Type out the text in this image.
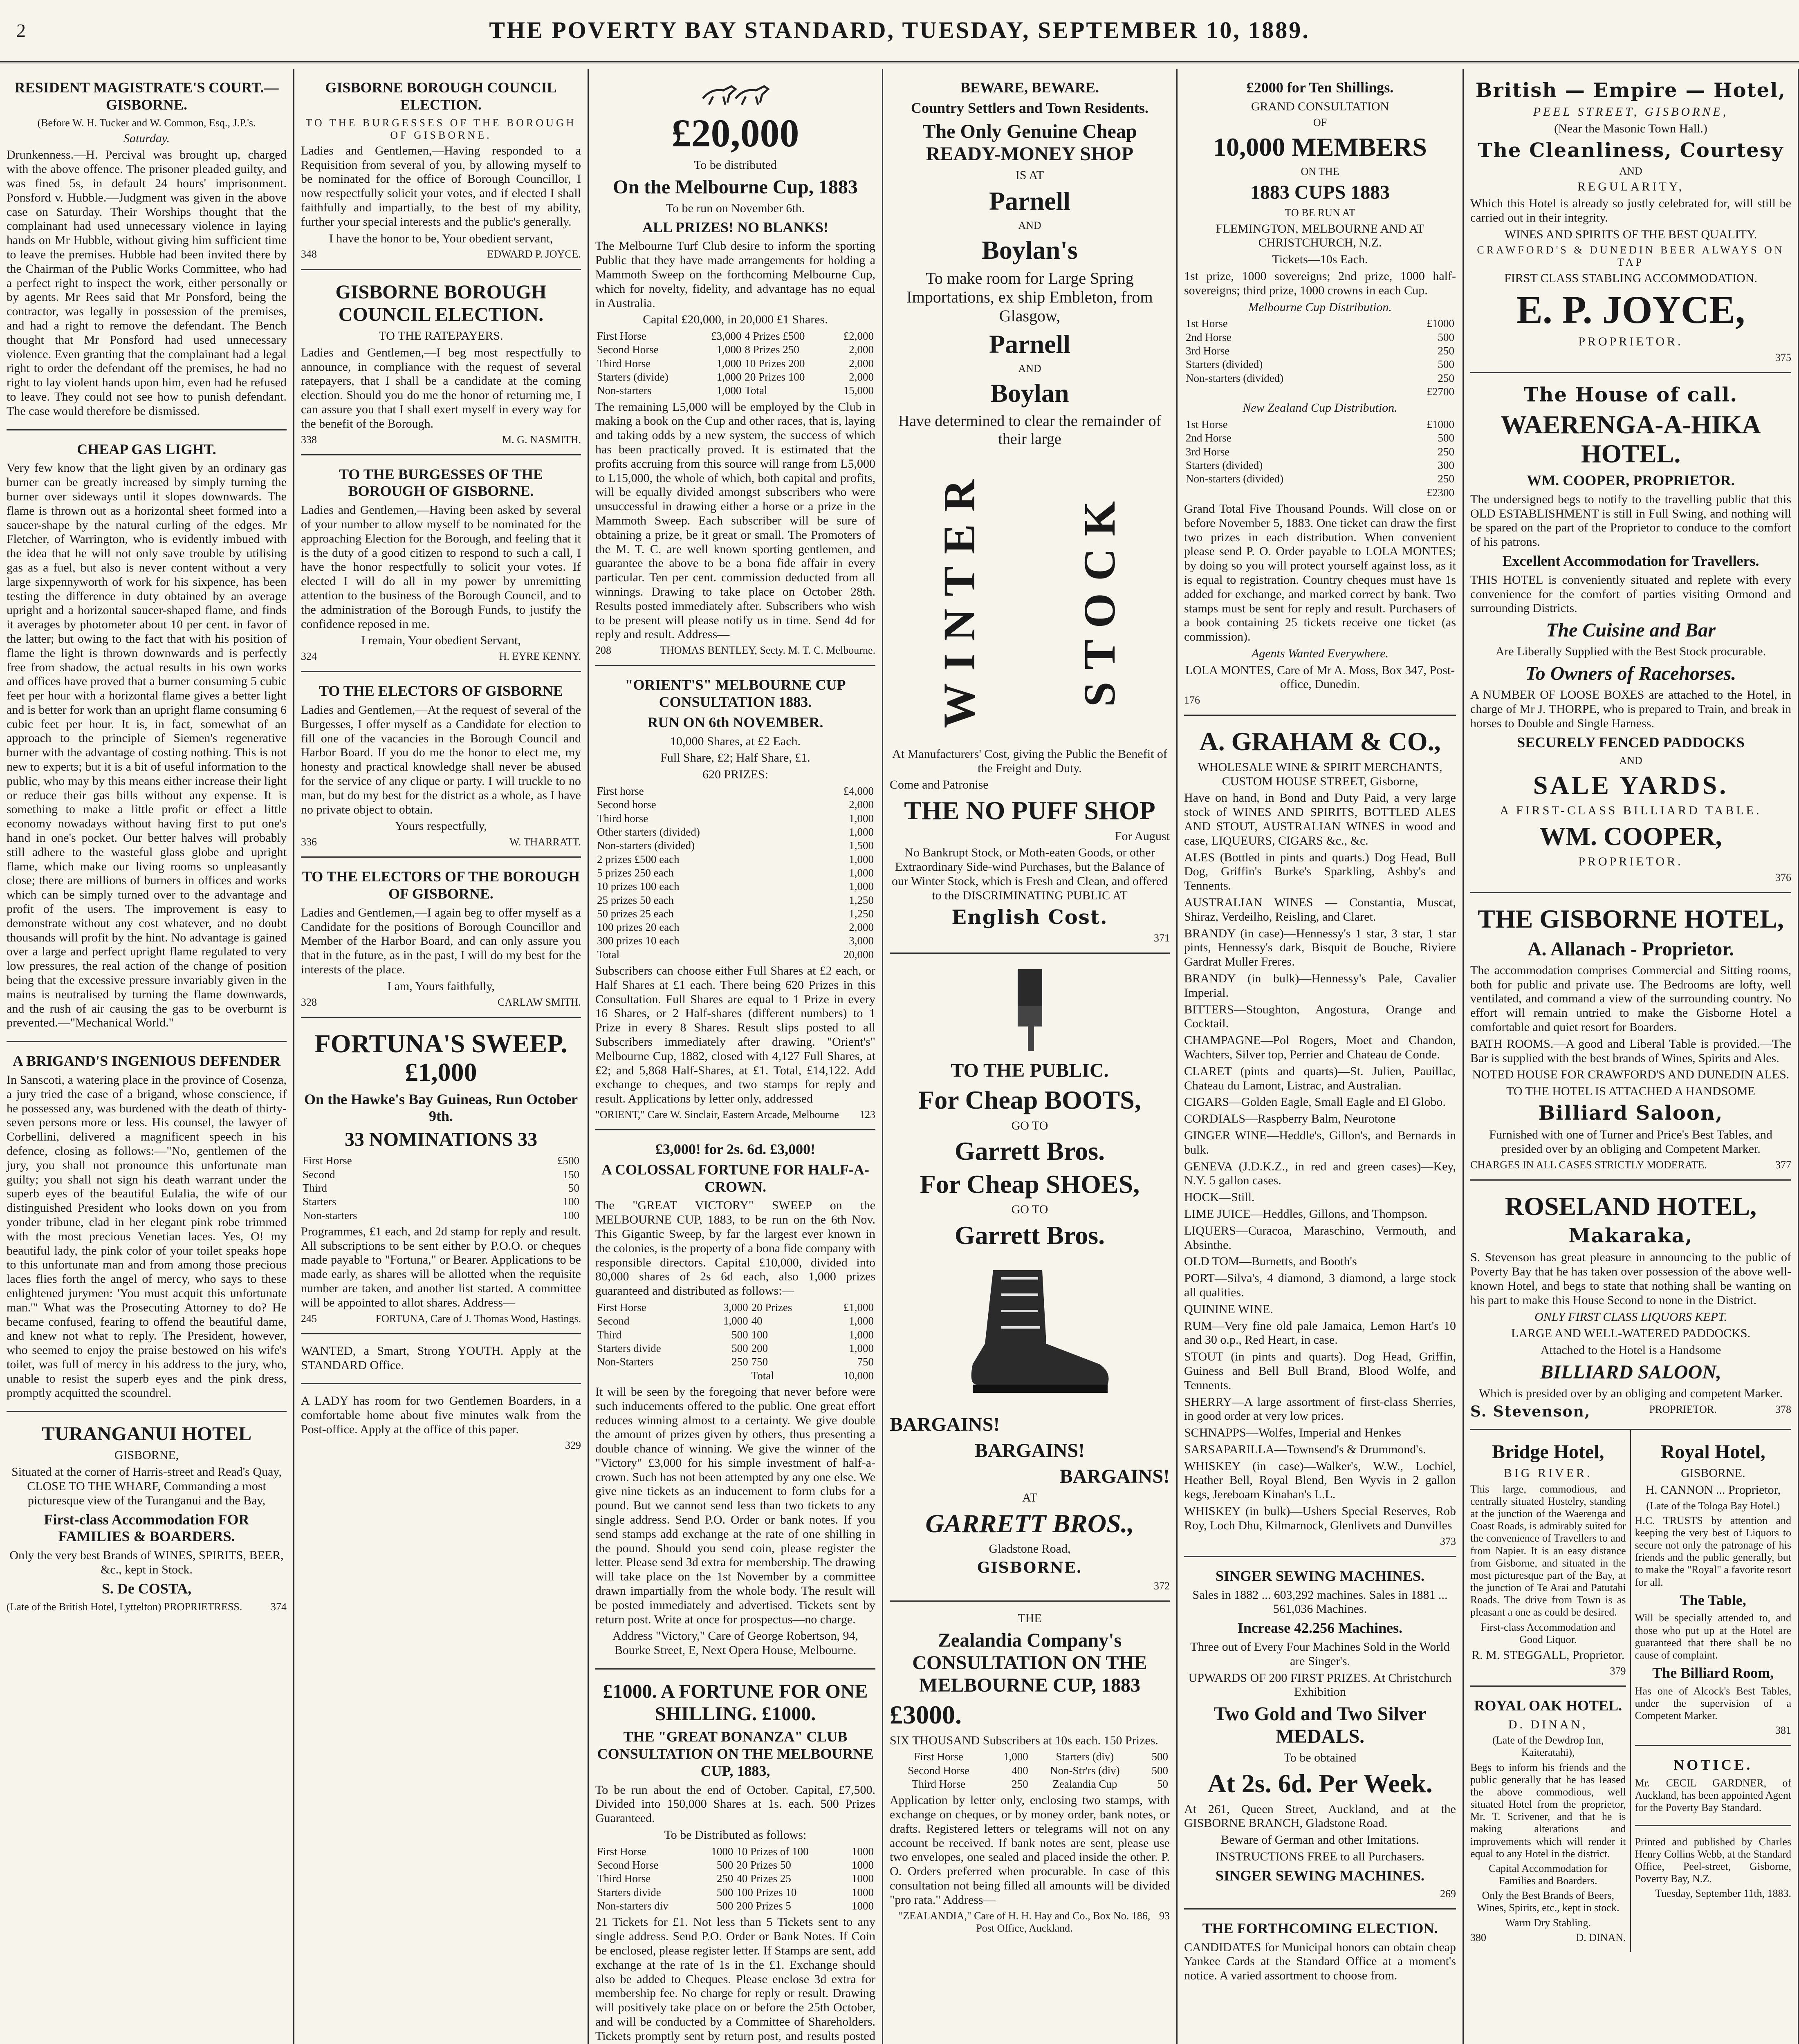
2	THE POVERTY BAY STANDARD, TUESDAY, SEPTEMBER 10, 1889.
RESIDENT MAGISTRATE'S COURT.—GISBORNE.

(Before W. H. Tucker and W. Common, Esq., J.P.'s.

Saturday.

Drunkenness.—H. Percival was brought up, charged with the above offence. The prisoner pleaded guilty, and was fined 5s, in default 24 hours' imprisonment. Ponsford v. Hubble.—Judgment was given in the above case on Saturday. Their Worships thought that the complainant had used unnecessary violence in laying hands on Mr Hubble, without giving him sufficient time to leave the premises. Hubble had been invited there by the Chairman of the Public Works Committee, who had a perfect right to inspect the work, either personally or by agents. Mr Rees said that Mr Ponsford, being the contractor, was legally in possession of the premises, and had a right to remove the defendant. The Bench thought that Mr Ponsford had used unnecessary violence. Even granting that the complainant had a legal right to order the defendant off the premises, he had no right to lay violent hands upon him, even had he refused to leave. They could not see how to punish defendant. The case would therefore be dismissed.

CHEAP GAS LIGHT.

Very few know that the light given by an ordinary gas burner can be greatly increased by simply turning the burner over sideways until it slopes downwards. The flame is thrown out as a horizontal sheet formed into a saucer-shape by the natural curling of the edges. Mr Fletcher, of Warrington, who is evidently imbued with the idea that he will not only save trouble by utilising gas as a fuel, but also is never content without a very large sixpennyworth of work for his sixpence, has been testing the difference in duty obtained by an average upright and a horizontal saucer-shaped flame, and finds it averages by photometer about 10 per cent. in favor of the latter; but owing to the fact that with his position of flame the light is thrown downwards and is perfectly free from shadow, the actual results in his own works and offices have proved that a burner consuming 5 cubic feet per hour with a horizontal flame gives a better light and is better for work than an upright flame consuming 6 cubic feet per hour. It is, in fact, somewhat of an approach to the principle of Siemen's regenerative burner with the advantage of costing nothing. This is not new to experts; but it is a bit of useful information to the public, who may by this means either increase their light or reduce their gas bills without any expense. It is something to make a little profit or effect a little economy nowadays without having first to put one's hand in one's pocket. Our better halves will probably still adhere to the wasteful glass globe and upright flame, which make our living rooms so unpleasantly close; there are millions of burners in offices and works which can be simply turned over to the advantage and profit of the users. The improvement is easy to demonstrate without any cost whatever, and no doubt thousands will profit by the hint. No advantage is gained over a large and perfect upright flame regulated to very low pressures, the real action of the change of position being that the excessive pressure invariably given in the mains is neutralised by turning the flame downwards, and the rush of air causing the gas to be overburnt is prevented.—"Mechanical World."

A BRIGAND'S INGENIOUS DEFENDER

In Sanscoti, a watering place in the province of Cosenza, a jury tried the case of a brigand, whose conscience, if he possessed any, was burdened with the death of thirty-seven persons more or less. His counsel, the lawyer of Corbellini, delivered a magnificent speech in his defence, closing as follows:—"No, gentlemen of the jury, you shall not pronounce this unfortunate man guilty; you shall not sign his death warrant under the superb eyes of the beautiful Eulalia, the wife of our distinguished President who looks down on you from yonder tribune, clad in her elegant pink robe trimmed with the most precious Venetian laces. Yes, O! my beautiful lady, the pink color of your toilet speaks hope to this unfortunate man and from among those precious laces flies forth the angel of mercy, who says to these enlightened jurymen: 'You must acquit this unfortunate man.'" What was the Prosecuting Attorney to do? He became confused, fearing to offend the beautiful dame, and knew not what to reply. The President, however, who seemed to enjoy the praise bestowed on his wife's toilet, was full of mercy in his address to the jury, who, unable to resist the superb eyes and the pink dress, promptly acquitted the scoundrel.

TURANGANUI HOTEL

GISBORNE,

Situated at the corner of Harris-street and Read's Quay, CLOSE TO THE WHARF, Commanding a most picturesque view of the Turanganui and the Bay,

First-class Accommodation FOR FAMILIES & BOARDERS.

Only the very best Brands of WINES, SPIRITS, BEER, &c., kept in Stock.

S. De COSTA,

(Late of the British Hotel, Lyttelton) PROPRIETRESS.	374
GISBORNE BOROUGH COUNCIL ELECTION.

TO THE BURGESSES OF THE BOROUGH OF GISBORNE.

Ladies and Gentlemen,—Having responded to a Requisition from several of you, by allowing myself to be nominated for the office of Borough Councillor, I now respectfully solicit your votes, and if elected I shall faithfully and impartially, to the best of my ability, further your special interests and the public's generally.

I have the honor to be, Your obedient servant,

348	EDWARD P. JOYCE.
GISBORNE BOROUGH COUNCIL ELECTION.

TO THE RATEPAYERS.

Ladies and Gentlemen,—I beg most respectfully to announce, in compliance with the request of several ratepayers, that I shall be a candidate at the coming election. Should you do me the honor of returning me, I can assure you that I shall exert myself in every way for the benefit of the Borough.

338	M. G. NASMITH.
TO THE BURGESSES OF THE BOROUGH OF GISBORNE.

Ladies and Gentlemen,—Having been asked by several of your number to allow myself to be nominated for the approaching Election for the Borough, and feeling that it is the duty of a good citizen to respond to such a call, I have the honor respectfully to solicit your votes. If elected I will do all in my power by unremitting attention to the business of the Borough Council, and to the administration of the Borough Funds, to justify the confidence reposed in me.

I remain, Your obedient Servant,

324	H. EYRE KENNY.
TO THE ELECTORS OF GISBORNE

Ladies and Gentlemen,—At the request of several of the Burgesses, I offer myself as a Candidate for election to fill one of the vacancies in the Borough Council and Harbor Board. If you do me the honor to elect me, my honesty and practical knowledge shall never be abused for the service of any clique or party. I will truckle to no man, but do my best for the district as a whole, as I have no private object to obtain.

Yours respectfully,

336	W. THARRATT.
TO THE ELECTORS OF THE BOROUGH OF GISBORNE.

Ladies and Gentlemen,—I again beg to offer myself as a Candidate for the positions of Borough Councillor and Member of the Harbor Board, and can only assure you that in the future, as in the past, I will do my best for the interests of the place.

I am, Yours faithfully,

328	CARLAW SMITH.
FORTUNA'S SWEEP. £1,000

On the Hawke's Bay Guineas, Run October 9th.

33 NOMINATIONS 33
First Horse	£500
Second	150
Third	50
Starters	100
Non-starters	100

Programmes, £1 each, and 2d stamp for reply and result. All subscriptions to be sent either by P.O.O. or cheques made payable to "Fortuna," or Bearer. Applications to be made early, as shares will be allotted when the requisite number are taken, and another list started. A committee will be appointed to allot shares. Address—

245	FORTUNA, Care of J. Thomas Wood, Hastings.

WANTED, a Smart, Strong YOUTH. Apply at the STANDARD Office.

A LADY has room for two Gentlemen Boarders, in a comfortable home about five minutes walk from the Post-office. Apply at the office of this paper.

329
£20,000

To be distributed

On the Melbourne Cup, 1883

To be run on November 6th.

ALL PRIZES! NO BLANKS!

The Melbourne Turf Club desire to inform the sporting Public that they have made arrangements for holding a Mammoth Sweep on the forthcoming Melbourne Cup, which for novelty, fidelity, and advantage has no equal in Australia.

Capital £20,000, in 20,000 £1 Shares.

First Horse	£3,000	4 Prizes £500	£2,000
Second Horse	1,000	8 Prizes 250	2,000
Third Horse	1,000	10 Prizes 200	2,000
Starters (divide)	1,000	20 Prizes 100	2,000
Non-starters	1,000	Total	15,000

The remaining L5,000 will be employed by the Club in making a book on the Cup and other races, that is, laying and taking odds by a new system, the success of which has been practically proved. It is estimated that the profits accruing from this source will range from L5,000 to L15,000, the whole of which, both capital and profits, will be equally divided amongst subscribers who were unsuccessful in drawing either a horse or a prize in the Mammoth Sweep. Each subscriber will be sure of obtaining a prize, be it great or small. The Promoters of the M. T. C. are well known sporting gentlemen, and guarantee the above to be a bona fide affair in every particular. Ten per cent. commission deducted from all winnings. Drawing to take place on October 28th. Results posted immediately after. Subscribers who wish to be present will please notify us in time. Send 4d for reply and result. Address—

208	THOMAS BENTLEY, Secty. M. T. C. Melbourne.
"ORIENT'S" MELBOURNE CUP CONSULTATION 1883.
RUN ON 6th NOVEMBER.

10,000 Shares, at £2 Each.

Full Share, £2; Half Share, £1.

620 PRIZES:

First horse	£4,000
Second horse	2,000
Third horse	1,000
Other starters (divided)	1,000
Non-starters (divided)	1,500
2 prizes £500 each	1,000
5 prizes 250 each	1,000
10 prizes 100 each	1,000
25 prizes 50 each	1,250
50 prizes 25 each	1,250
100 prizes 20 each	2,000
300 prizes 10 each	3,000
Total	20,000

Subscribers can choose either Full Shares at £2 each, or Half Shares at £1 each. There being 620 Prizes in this Consultation. Full Shares are equal to 1 Prize in every 16 Shares, or 2 Half-shares (different numbers) to 1 Prize in every 8 Shares. Result slips posted to all Subscribers immediately after drawing. "Orient's" Melbourne Cup, 1882, closed with 4,127 Full Shares, at £2; and 5,868 Half-Shares, at £1. Total, £14,122. Add exchange to cheques, and two stamps for reply and result. Applications by letter only, addressed

"ORIENT," Care W. Sinclair, Eastern Arcade, Melbourne 123
£3,000! for 2s. 6d. £3,000!
A COLOSSAL FORTUNE FOR HALF-A-CROWN.

The "GREAT VICTORY" SWEEP on the MELBOURNE CUP, 1883, to be run on the 6th Nov. This Gigantic Sweep, by far the largest ever known in the colonies, is the property of a bona fide company with responsible directors. Capital £10,000, divided into 80,000 shares of 2s 6d each, also 1,000 prizes guaranteed and distributed as follows:—

First Horse	3,000	20 Prizes	£1,000
Second	1,000	40	1,000
Third	500	100	1,000
Starters divide	500	200	1,000
Non-Starters	250	750	750
		Total	10,000

It will be seen by the foregoing that never before were such inducements offered to the public. One great effort reduces winning almost to a certainty. We give double the amount of prizes given by others, thus presenting a double chance of winning. We give the winner of the "Victory" £3,000 for his simple investment of half-a-crown. Such has not been attempted by any one else. We give nine tickets as an inducement to form clubs for a pound. But we cannot send less than two tickets to any single address. Send P.O. Order or bank notes. If you send stamps add exchange at the rate of one shilling in the pound. Should you send coin, please register the letter. Please send 3d extra for membership. The drawing will take place on the 1st November by a committee drawn impartially from the whole body. The result will be posted immediately and advertised. Tickets sent by return post. Write at once for prospectus—no charge.

Address "Victory," Care of George Robertson, 94, Bourke Street, E, Next Opera House, Melbourne.

£1000. A FORTUNE FOR ONE SHILLING. £1000.

THE "GREAT BONANZA" CLUB CONSULTATION ON THE MELBOURNE CUP, 1883,

To be run about the end of October. Capital, £7,500. Divided into 150,000 Shares at 1s. each. 500 Prizes Guaranteed.

To be Distributed as follows:

First Horse	1000	10 Prizes of 100	1000
Second Horse	500	20 Prizes 50	1000
Third Horse	250	40 Prizes 25	1000
Starters divide	500	100 Prizes 10	1000
Non-starters div	500	200 Prizes 5	1000

21 Tickets for £1. Not less than 5 Tickets sent to any single address. Send P.O. Order or Bank Notes. If Coin be enclosed, please register letter. If Stamps are sent, add exchange at the rate of 1s in the £1. Exchange should also be added to Cheques. Please enclose 3d extra for membership fee. No charge for reply or result. Drawing will positively take place on or before the 25th October, and will be conducted by a Committee of Shareholders. Tickets promptly sent by return post, and results posted

BEWARE, BEWARE.

Country Settlers and Town Residents.

The Only Genuine Cheap READY-MONEY SHOP

IS AT

Parnell

AND

Boylan's

To make room for Large Spring Importations, ex ship Embleton, from Glasgow,

Parnell

AND

Boylan

Have determined to clear the remainder of their large

WINTER STOCK

At Manufacturers' Cost, giving the Public the Benefit of the Freight and Duty.

Come and Patronise

THE NO PUFF SHOP

For August

No Bankrupt Stock, or Moth-eaten Goods, or other Extraordinary Side-wind Purchases, but the Balance of our Winter Stock, which is Fresh and Clean, and offered to the DISCRIMINATING PUBLIC AT

English Cost.
371
TO THE PUBLIC.
For Cheap BOOTS,

GO TO

Garrett Bros.
For Cheap SHOES,

GO TO

Garrett Bros.
BARGAINS!
BARGAINS!
BARGAINS!

AT

GARRETT BROS.,

Gladstone Road,

GISBORNE.
372

THE

Zealandia Company's CONSULTATION ON THE MELBOURNE CUP, 1883
£3000.

SIX THOUSAND Subscribers at 10s each. 150 Prizes.

First Horse	1,000	Starters (div)	500
Second Horse	400	Non-Str'rs (div)	500
Third Horse	250	Zealandia Cup	50

Application by letter only, enclosing two stamps, with exchange on cheques, or by money order, bank notes, or drafts. Registered letters or telegrams will not on any account be received. If bank notes are sent, please use two envelopes, one sealed and placed inside the other. P. O. Orders preferred when procurable. In case of this consultation not being filled all amounts will be divided "pro rata." Address—

"ZEALANDIA," Care of H. H. Hay and Co., Box No. 186, Post Office, Auckland.
93
£2000 for Ten Shillings.

GRAND CONSULTATION

OF

10,000 MEMBERS

ON THE

1883 CUPS 1883

TO BE RUN AT

FLEMINGTON, MELBOURNE AND AT CHRISTCHURCH, N.Z.

Tickets—10s Each.

1st prize, 1000 sovereigns; 2nd prize, 1000 half-sovereigns; third prize, 1000 crowns in each Cup.

Melbourne Cup Distribution.

1st Horse	£1000
2nd Horse	500
3rd Horse	250
Starters (divided)	500
Non-starters (divided)	250
	£2700

New Zealand Cup Distribution.

1st Horse	£1000
2nd Horse	500
3rd Horse	250
Starters (divided)	300
Non-starters (divided)	250
	£2300

Grand Total Five Thousand Pounds. Will close on or before November 5, 1883. One ticket can draw the first two prizes in each distribution. When convenient please send P. O. Order payable to LOLA MONTES; by doing so you will protect yourself against loss, as it is equal to registration. Country cheques must have 1s added for exchange, and marked correct by bank. Two stamps must be sent for reply and result. Purchasers of a book containing 25 tickets receive one ticket (as commission).

Agents Wanted Everywhere.

LOLA MONTES, Care of Mr A. Moss, Box 347, Post-office, Dunedin.

176
A. GRAHAM & CO.,

WHOLESALE WINE & SPIRIT MERCHANTS, CUSTOM HOUSE STREET, Gisborne,

Have on hand, in Bond and Duty Paid, a very large stock of WINES AND SPIRITS, BOTTLED ALES AND STOUT, AUSTRALIAN WINES in wood and case, LIQUEURS, CIGARS &c., &c.

ALES (Bottled in pints and quarts.) Dog Head, Bull Dog, Griffin's Burke's Sparkling, Ashby's and Tennents.

AUSTRALIAN WINES — Constantia, Muscat, Shiraz, Verdeilho, Reisling, and Claret.

BRANDY (in case)—Hennessy's 1 star, 3 star, 1 star pints, Hennessy's dark, Bisquit de Bouche, Riviere Gardrat Muller Freres.

BRANDY (in bulk)—Hennessy's Pale, Cavalier Imperial.

BITTERS—Stoughton, Angostura, Orange and Cocktail.

CHAMPAGNE—Pol Rogers, Moet and Chandon, Wachters, Silver top, Perrier and Chateau de Conde.

CLARET (pints and quarts)—St. Julien, Pauillac, Chateau du Lamont, Listrac, and Australian.

CIGARS—Golden Eagle, Small Eagle and El Globo.

CORDIALS—Raspberry Balm, Neurotone

GINGER WINE—Heddle's, Gillon's, and Bernards in bulk.

GENEVA (J.D.K.Z., in red and green cases)—Key, N.Y. 5 gallon cases.

HOCK—Still.

LIME JUICE—Heddles, Gillons, and Thompson.

LIQUERS—Curacoa, Maraschino, Vermouth, and Absinthe.

OLD TOM—Burnetts, and Booth's

PORT—Silva's, 4 diamond, 3 diamond, a large stock all qualities.

QUININE WINE.

RUM—Very fine old pale Jamaica, Lemon Hart's 10 and 30 o.p., Red Heart, in case.

STOUT (in pints and quarts). Dog Head, Griffin, Guiness and Bell Bull Brand, Blood Wolfe, and Tennents.

SHERRY—A large assortment of first-class Sherries, in good order at very low prices.

SCHNAPPS—Wolfes, Imperial and Henkes

SARSAPARILLA—Townsend's & Drummond's.

WHISKEY (in case)—Walker's, W.W., Lochiel, Heather Bell, Royal Blend, Ben Wyvis in 2 gallon kegs, Jereboam Kinahan's L.L.

WHISKEY (in bulk)—Ushers Special Reserves, Rob Roy, Loch Dhu, Kilmarnock, Glenlivets and Dunvilles

373
SINGER SEWING MACHINES.

Sales in 1882 ... 603,292 machines. Sales in 1881 ... 561,036 Machines.

Increase 42.256 Machines.

Three out of Every Four Machines Sold in the World are Singer's.

UPWARDS OF 200 FIRST PRIZES. At Christchurch Exhibition

Two Gold and Two Silver MEDALS.

To be obtained

At 2s. 6d. Per Week.

At 261, Queen Street, Auckland, and at the GISBORNE BRANCH, Gladstone Road.

Beware of German and other Imitations.

INSTRUCTIONS FREE to all Purchasers.

SINGER SEWING MACHINES.
269
THE FORTHCOMING ELECTION.

CANDIDATES for Municipal honors can obtain cheap Yankee Cards at the Standard Office at a moment's notice. A varied assortment to choose from.

British — Empire — Hotel,

PEEL STREET, GISBORNE,

(Near the Masonic Town Hall.)

The Cleanliness, Courtesy

AND

REGULARITY,

Which this Hotel is already so justly celebrated for, will still be carried out in their integrity.

WINES AND SPIRITS OF THE BEST QUALITY.

CRAWFORD'S & DUNEDIN BEER ALWAYS ON TAP

FIRST CLASS STABLING ACCOMMODATION.

E. P. JOYCE,

PROPRIETOR.

375
The House of call.
WAERENGA-A-HIKA HOTEL.
WM. COOPER, PROPRIETOR.

The undersigned begs to notify to the travelling public that this OLD ESTABLISHMENT is still in Full Swing, and nothing will be spared on the part of the Proprietor to conduce to the comfort of his patrons.

Excellent Accommodation for Travellers.

THIS HOTEL is conveniently situated and replete with every convenience for the comfort of parties visiting Ormond and surrounding Districts.

The Cuisine and Bar

Are Liberally Supplied with the Best Stock procurable.

To Owners of Racehorses.

A NUMBER OF LOOSE BOXES are attached to the Hotel, in charge of Mr J. THORPE, who is prepared to Train, and break in horses to Double and Single Harness.

SECURELY FENCED PADDOCKS

AND

SALE YARDS.

A FIRST-CLASS BILLIARD TABLE.

WM. COOPER,

PROPRIETOR.

376
THE GISBORNE HOTEL,
A. Allanach - Proprietor.

The accommodation comprises Commercial and Sitting rooms, both for public and private use. The Bedrooms are lofty, well ventilated, and command a view of the surrounding country. No effort will remain untried to make the Gisborne Hotel a comfortable and quiet resort for Boarders.

BATH ROOMS.—A good and Liberal Table is provided.—The Bar is supplied with the best brands of Wines, Spirits and Ales.

NOTED HOUSE FOR CRAWFORD'S AND DUNEDIN ALES.

TO THE HOTEL IS ATTACHED A HANDSOME

Billiard Saloon,

Furnished with one of Turner and Price's Best Tables, and presided over by an obliging and Competent Marker.

CHARGES IN ALL CASES STRICTLY MODERATE.	377
ROSELAND HOTEL,
Makaraka,

S. Stevenson has great pleasure in announcing to the public of Poverty Bay that he has taken over possession of the above well-known Hotel, and begs to state that nothing shall be wanting on his part to make this House Second to none in the District.

ONLY FIRST CLASS LIQUORS KEPT.

LARGE AND WELL-WATERED PADDOCKS.

Attached to the Hotel is a Handsome

BILLIARD SALOON,

Which is presided over by an obliging and competent Marker.

S. Stevenson,	PROPRIETOR.	378
Bridge Hotel,

BIG RIVER.

This large, commodious, and centrally situated Hostelry, standing at the junction of the Waerenga and Coast Roads, is admirably suited for the convenience of Travellers to and from Napier. It is an easy distance from Gisborne, and situated in the most picturesque part of the Bay, at the junction of Te Arai and Patutahi Roads. The drive from Town is as pleasant a one as could be desired.

First-class Accommodation and Good Liquor.

R. M. STEGGALL, Proprietor.

379
ROYAL OAK HOTEL.

D. DINAN,

(Late of the Dewdrop Inn, Kaiteratahi),

Begs to inform his friends and the public generally that he has leased the above commodious, well situated Hotel from the proprietor, Mr. T. Scrivener, and that he is making alterations and improvements which will render it equal to any Hotel in the district.

Capital Accommodation for Families and Boarders.

Only the Best Brands of Beers, Wines, Spirits, etc., kept in stock.

Warm Dry Stabling.

380	D. DINAN.
Royal Hotel,

GISBORNE.

H. CANNON ... Proprietor,

(Late of the Tologa Bay Hotel.)

H.C. TRUSTS by attention and keeping the very best of Liquors to secure not only the patronage of his friends and the public generally, but to make the "Royal" a favorite resort for all.

The Table,

Will be specially attended to, and those who put up at the Hotel are guaranteed that there shall be no cause of complaint.

The Billiard Room,

Has one of Alcock's Best Tables, under the supervision of a Competent Marker.

381
NOTICE.

Mr. CECIL GARDNER, of Auckland, has been appointed Agent for the Poverty Bay Standard.

Printed and published by Charles Henry Collins Webb, at the Standard Office, Peel-street, Gisborne, Poverty Bay, N.Z.

Tuesday, September 11th, 1883.
